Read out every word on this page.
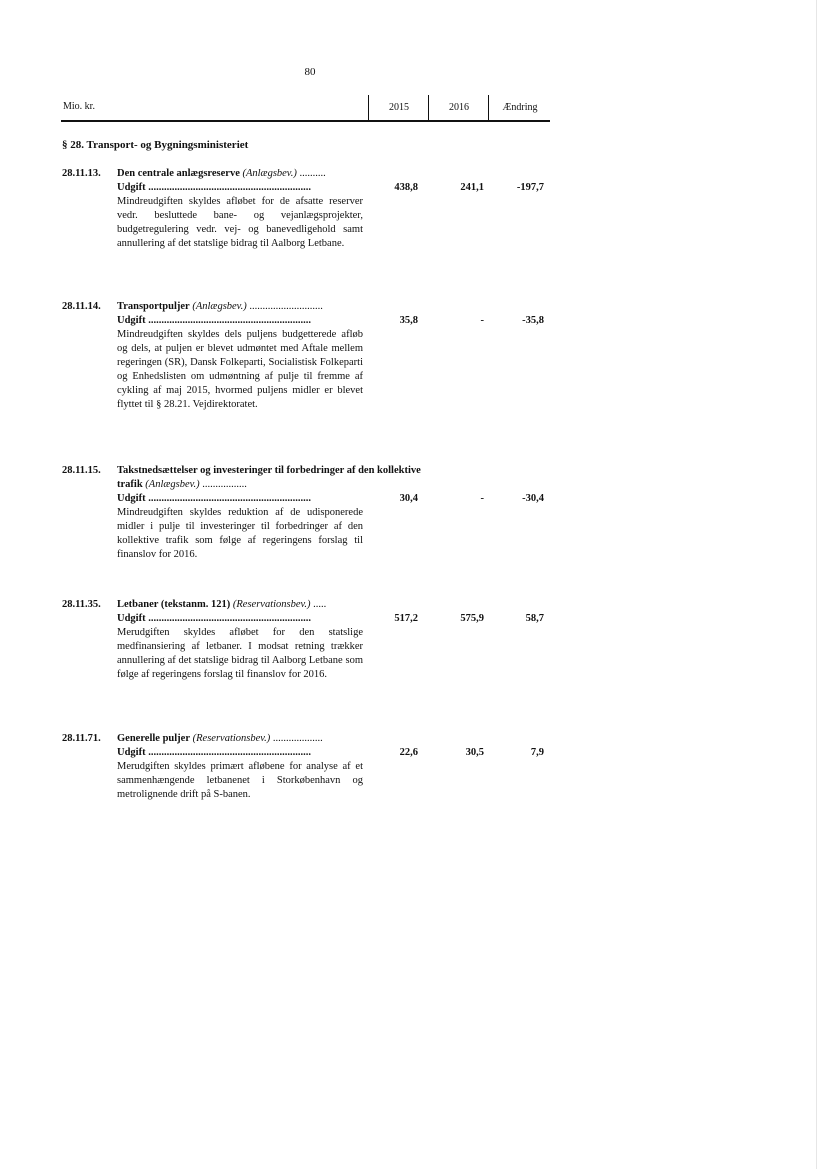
80
Mio. kr.	2015	2016	Ændring
§ 28. Transport- og Bygningsministeriet
28.11.13. Den centrale anlægsreserve (Anlægsbev.) ..........
Udgift ..............................................................	438,8	241,1	-197,7
Mindreudgiften skyldes afløbet for de afsatte reserver vedr. besluttede bane- og vejanlægsprojekter, budgetregulering vedr. vej- og banevedligehold samt annullering af det statslige bidrag til Aalborg Letbane.
28.11.14. Transportpuljer (Anlægsbev.) ............................
Udgift ..............................................................	35,8	-	-35,8
Mindreudgiften skyldes dels puljens budgetterede afløb og dels, at puljen er blevet udmøntet med Aftale mellem regeringen (SR), Dansk Folkeparti, Socialistisk Folkeparti og Enhedslisten om udmøntning af pulje til fremme af cykling af maj 2015, hvormed puljens midler er blevet flyttet til § 28.21. Vejdirektoratet.
28.11.15. Takstnedsættelser og investeringer til forbedringer af den kollektive trafik (Anlægsbev.) .................
Udgift ..............................................................	30,4	-	-30,4
Mindreudgiften skyldes reduktion af de udisponerede midler i pulje til investeringer til forbedringer af den kollektive trafik som følge af regeringens forslag til finanslov for 2016.
28.11.35. Letbaner (tekstanm. 121) (Reservationsbev.) .....
Udgift ..............................................................	517,2	575,9	58,7
Merudgiften skyldes afløbet for den statslige medfinansiering af letbaner. I modsat retning trækker annullering af det statslige bidrag til Aalborg Letbane som følge af regeringens forslag til finanslov for 2016.
28.11.71. Generelle puljer (Reservationsbev.) ...................
Udgift ..............................................................	22,6	30,5	7,9
Merudgiften skyldes primært afløbene for analyse af et sammenhængende letbanenet i Storkøbenhavn og metrolignende drift på S-banen.
